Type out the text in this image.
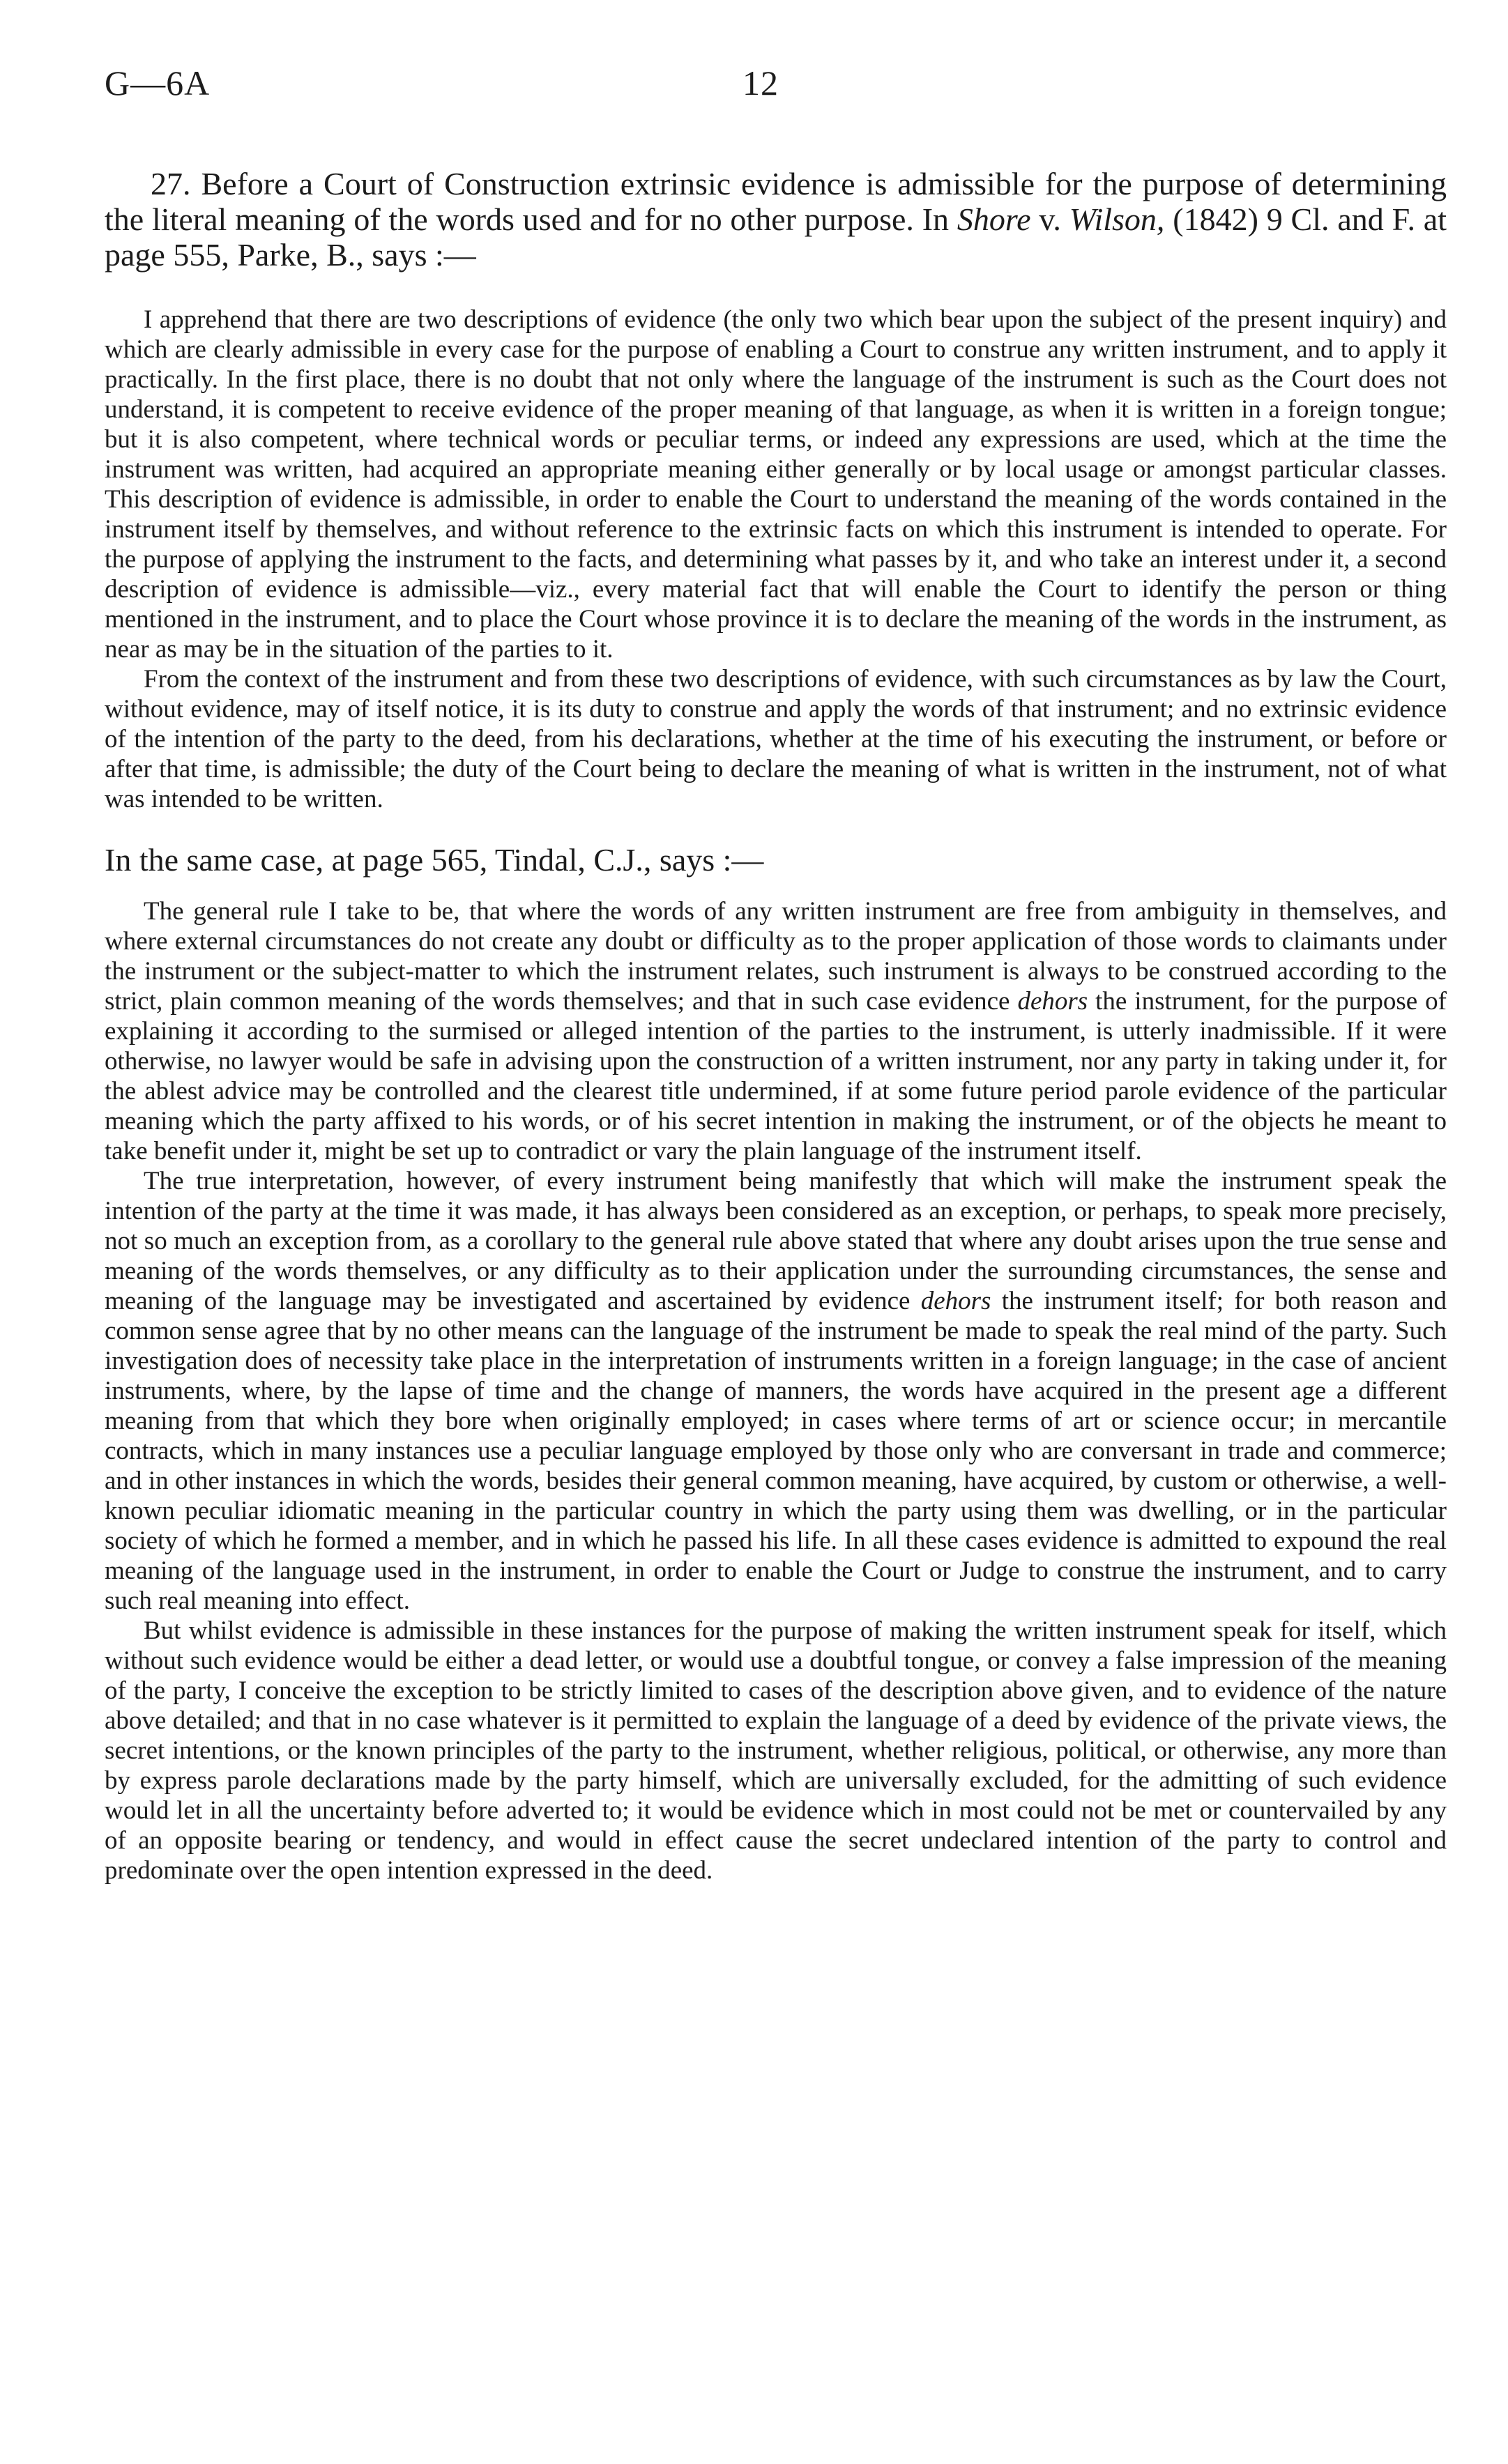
G—6A	12

27. Before a Court of Construction extrinsic evidence is admissible for the purpose of determining the literal meaning of the words used and for no other purpose. In Shore v. Wilson, (1842) 9 Cl. and F. at page 555, Parke, B., says :—

I apprehend that there are two descriptions of evidence (the only two which bear upon the subject of the present inquiry) and which are clearly admissible in every case for the purpose of enabling a Court to construe any written instrument, and to apply it practically. In the first place, there is no doubt that not only where the language of the instrument is such as the Court does not understand, it is competent to receive evidence of the proper meaning of that language, as when it is written in a foreign tongue; but it is also competent, where technical words or peculiar terms, or indeed any expressions are used, which at the time the instrument was written, had acquired an appropriate meaning either generally or by local usage or amongst particular classes. This description of evidence is admissible, in order to enable the Court to understand the meaning of the words contained in the instrument itself by themselves, and without reference to the extrinsic facts on which this instrument is intended to operate. For the purpose of applying the instrument to the facts, and determining what passes by it, and who take an interest under it, a second description of evidence is admissible—viz., every material fact that will enable the Court to identify the person or thing mentioned in the instrument, and to place the Court whose province it is to declare the meaning of the words in the instrument, as near as may be in the situation of the parties to it.

From the context of the instrument and from these two descriptions of evidence, with such circumstances as by law the Court, without evidence, may of itself notice, it is its duty to construe and apply the words of that instrument; and no extrinsic evidence of the intention of the party to the deed, from his declarations, whether at the time of his executing the instrument, or before or after that time, is admissible; the duty of the Court being to declare the meaning of what is written in the instrument, not of what was intended to be written.

In the same case, at page 565, Tindal, C.J., says :—

The general rule I take to be, that where the words of any written instrument are free from ambiguity in themselves, and where external circumstances do not create any doubt or difficulty as to the proper application of those words to claimants under the instrument or the subject-matter to which the instrument relates, such instrument is always to be construed according to the strict, plain common meaning of the words themselves; and that in such case evidence dehors the instrument, for the purpose of explaining it according to the surmised or alleged intention of the parties to the instrument, is utterly inadmissible. If it were otherwise, no lawyer would be safe in advising upon the construction of a written instrument, nor any party in taking under it, for the ablest advice may be controlled and the clearest title undermined, if at some future period parole evidence of the particular meaning which the party affixed to his words, or of his secret intention in making the instrument, or of the objects he meant to take benefit under it, might be set up to contradict or vary the plain language of the instrument itself.

The true interpretation, however, of every instrument being manifestly that which will make the instrument speak the intention of the party at the time it was made, it has always been considered as an exception, or perhaps, to speak more precisely, not so much an exception from, as a corollary to the general rule above stated that where any doubt arises upon the true sense and meaning of the words themselves, or any difficulty as to their application under the surrounding circumstances, the sense and meaning of the language may be investigated and ascertained by evidence dehors the instrument itself; for both reason and common sense agree that by no other means can the language of the instrument be made to speak the real mind of the party. Such investigation does of necessity take place in the interpretation of instruments written in a foreign language; in the case of ancient instruments, where, by the lapse of time and the change of manners, the words have acquired in the present age a different meaning from that which they bore when originally employed; in cases where terms of art or science occur; in mercantile contracts, which in many instances use a peculiar language employed by those only who are conversant in trade and commerce; and in other instances in which the words, besides their general common meaning, have acquired, by custom or otherwise, a well-known peculiar idiomatic meaning in the particular country in which the party using them was dwelling, or in the particular society of which he formed a member, and in which he passed his life. In all these cases evidence is admitted to expound the real meaning of the language used in the instrument, in order to enable the Court or Judge to construe the instrument, and to carry such real meaning into effect.

But whilst evidence is admissible in these instances for the purpose of making the written instrument speak for itself, which without such evidence would be either a dead letter, or would use a doubtful tongue, or convey a false impression of the meaning of the party, I conceive the exception to be strictly limited to cases of the description above given, and to evidence of the nature above detailed; and that in no case whatever is it permitted to explain the language of a deed by evidence of the private views, the secret intentions, or the known principles of the party to the instrument, whether religious, political, or otherwise, any more than by express parole declarations made by the party himself, which are universally excluded, for the admitting of such evidence would let in all the uncertainty before adverted to; it would be evidence which in most could not be met or countervailed by any of an opposite bearing or tendency, and would in effect cause the secret undeclared intention of the party to control and predominate over the open intention expressed in the deed.
